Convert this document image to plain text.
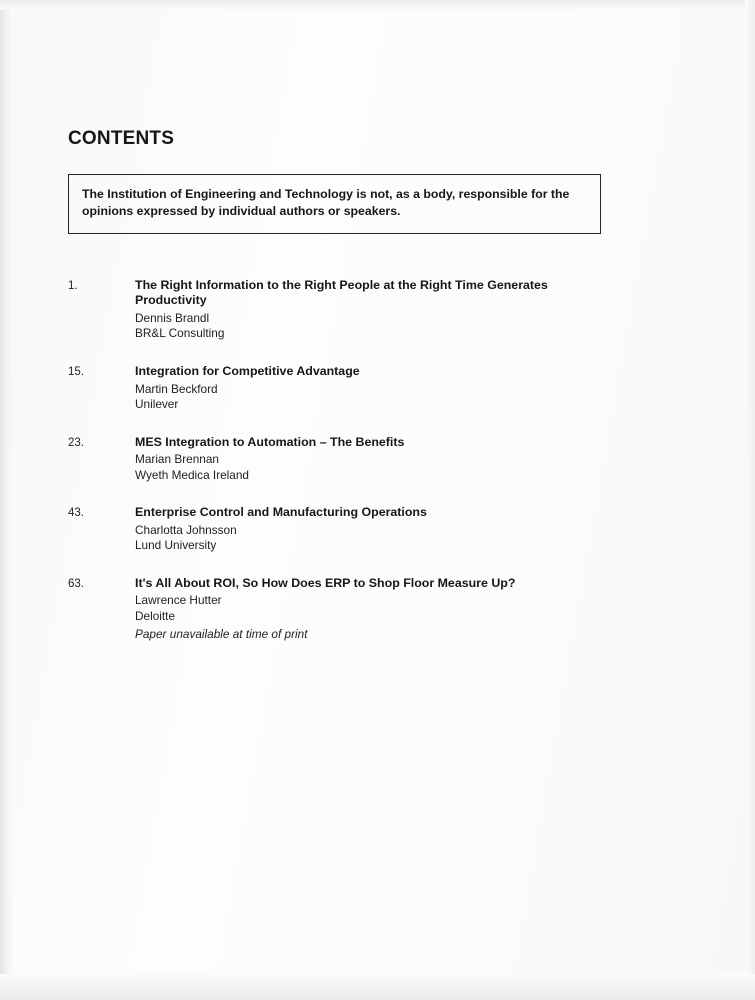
CONTENTS

The Institution of Engineering and Technology is not, as a body, responsible for the opinions expressed by individual authors or speakers.

1.	The Right Information to the Right People at the Right Time Generates Productivity

Dennis Brandl

BR&L Consulting

15.	Integration for Competitive Advantage

Martin Beckford

Unilever

23.	MES Integration to Automation – The Benefits

Marian Brennan

Wyeth Medica Ireland

43.	Enterprise Control and Manufacturing Operations

Charlotta Johnsson

Lund University

63.	It's All About ROI, So How Does ERP to Shop Floor Measure Up?

Lawrence Hutter

Deloitte

Paper unavailable at time of print
